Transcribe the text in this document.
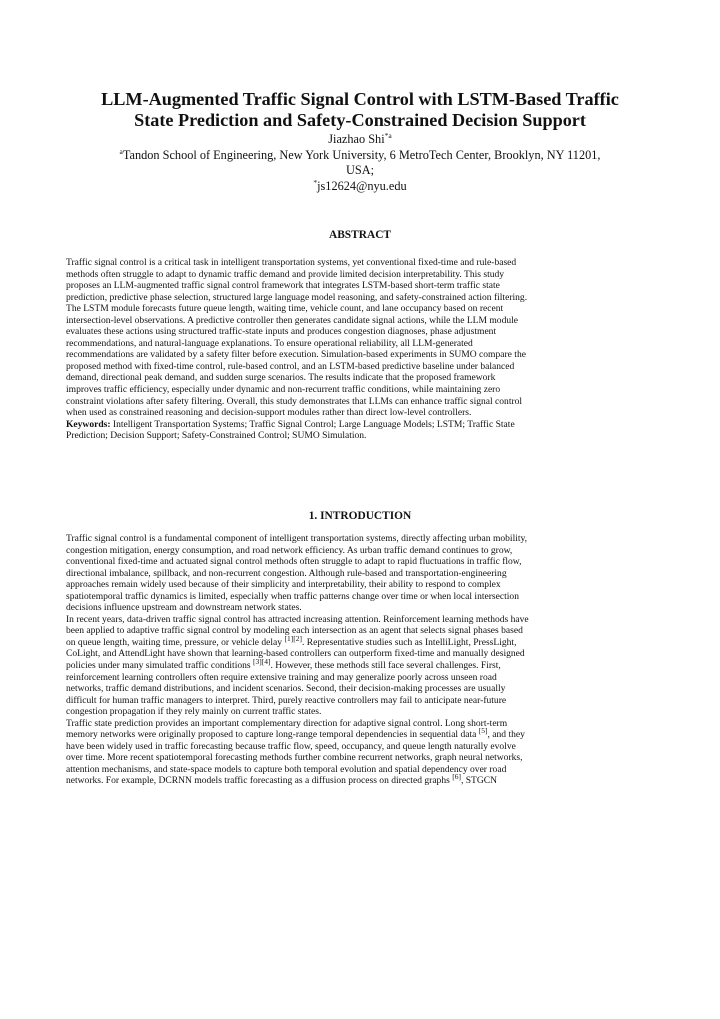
LLM-Augmented Traffic Signal Control with LSTM-Based Traffic
State Prediction and Safety-Constrained Decision Support
Jiazhao Shi$^{*a}$
$^a$Tandon School of Engineering, New York University, 6 MetroTech Center, Brooklyn, NY 11201,
USA;
*js12624@nyu.edu
ABSTRACT
Traffic signal control is a critical task in intelligent transportation systems, yet conventional fixed-time and rule-based
methods often struggle to adapt to dynamic traffic demand and provide limited decision interpretability. This study
proposes an LLM-augmented traffic signal control framework that integrates LSTM-based short-term traffic state
prediction, predictive phase selection, structured large language model reasoning, and safety-constrained action filtering.
The LSTM module forecasts future queue length, waiting time, vehicle count, and lane occupancy based on recent
intersection-level observations. A predictive controller then generates candidate signal actions, while the LLM module
evaluates these actions using structured traffic-state inputs and produces congestion diagnoses, phase adjustment
recommendations, and natural-language explanations. To ensure operational reliability, all LLM-generated
recommendations are validated by a safety filter before execution. Simulation-based experiments in SUMO compare the
proposed method with fixed-time control, rule-based control, and an LSTM-based predictive baseline under balanced
demand, directional peak demand, and sudden surge scenarios. The results indicate that the proposed framework
improves traffic efficiency, especially under dynamic and non-recurrent traffic conditions, while maintaining zero
constraint violations after safety filtering. Overall, this study demonstrates that LLMs can enhance traffic signal control
when used as constrained reasoning and decision-support modules rather than direct low-level controllers.
Keywords: Intelligent Transportation Systems; Traffic Signal Control; Large Language Models; LSTM; Traffic State
Prediction; Decision Support; Safety-Constrained Control; SUMO Simulation.
1. INTRODUCTION
Traffic signal control is a fundamental component of intelligent transportation systems, directly affecting urban mobility,
congestion mitigation, energy consumption, and road network efficiency. As urban traffic demand continues to grow,
conventional fixed-time and actuated signal control methods often struggle to adapt to rapid fluctuations in traffic flow,
directional imbalance, spillback, and non-recurrent congestion. Although rule-based and transportation-engineering
approaches remain widely used because of their simplicity and interpretability, their ability to respond to complex
spatiotemporal traffic dynamics is limited, especially when traffic patterns change over time or when local intersection
decisions influence upstream and downstream network states.
In recent years, data-driven traffic signal control has attracted increasing attention. Reinforcement learning methods have
been applied to adaptive traffic signal control by modeling each intersection as an agent that selects signal phases based
on queue length, waiting time, pressure, or vehicle delay [1][2]. Representative studies such as IntelliLight, PressLight,
CoLight, and AttendLight have shown that learning-based controllers can outperform fixed-time and manually designed
policies under many simulated traffic conditions [3][4]. However, these methods still face several challenges. First,
reinforcement learning controllers often require extensive training and may generalize poorly across unseen road
networks, traffic demand distributions, and incident scenarios. Second, their decision-making processes are usually
difficult for human traffic managers to interpret. Third, purely reactive controllers may fail to anticipate near-future
congestion propagation if they rely mainly on current traffic states.
Traffic state prediction provides an important complementary direction for adaptive signal control. Long short-term
memory networks were originally proposed to capture long-range temporal dependencies in sequential data [5], and they
have been widely used in traffic forecasting because traffic flow, speed, occupancy, and queue length naturally evolve
over time. More recent spatiotemporal forecasting methods further combine recurrent networks, graph neural networks,
attention mechanisms, and state-space models to capture both temporal evolution and spatial dependency over road
networks. For example, DCRNN models traffic forecasting as a diffusion process on directed graphs [6], STGCN
